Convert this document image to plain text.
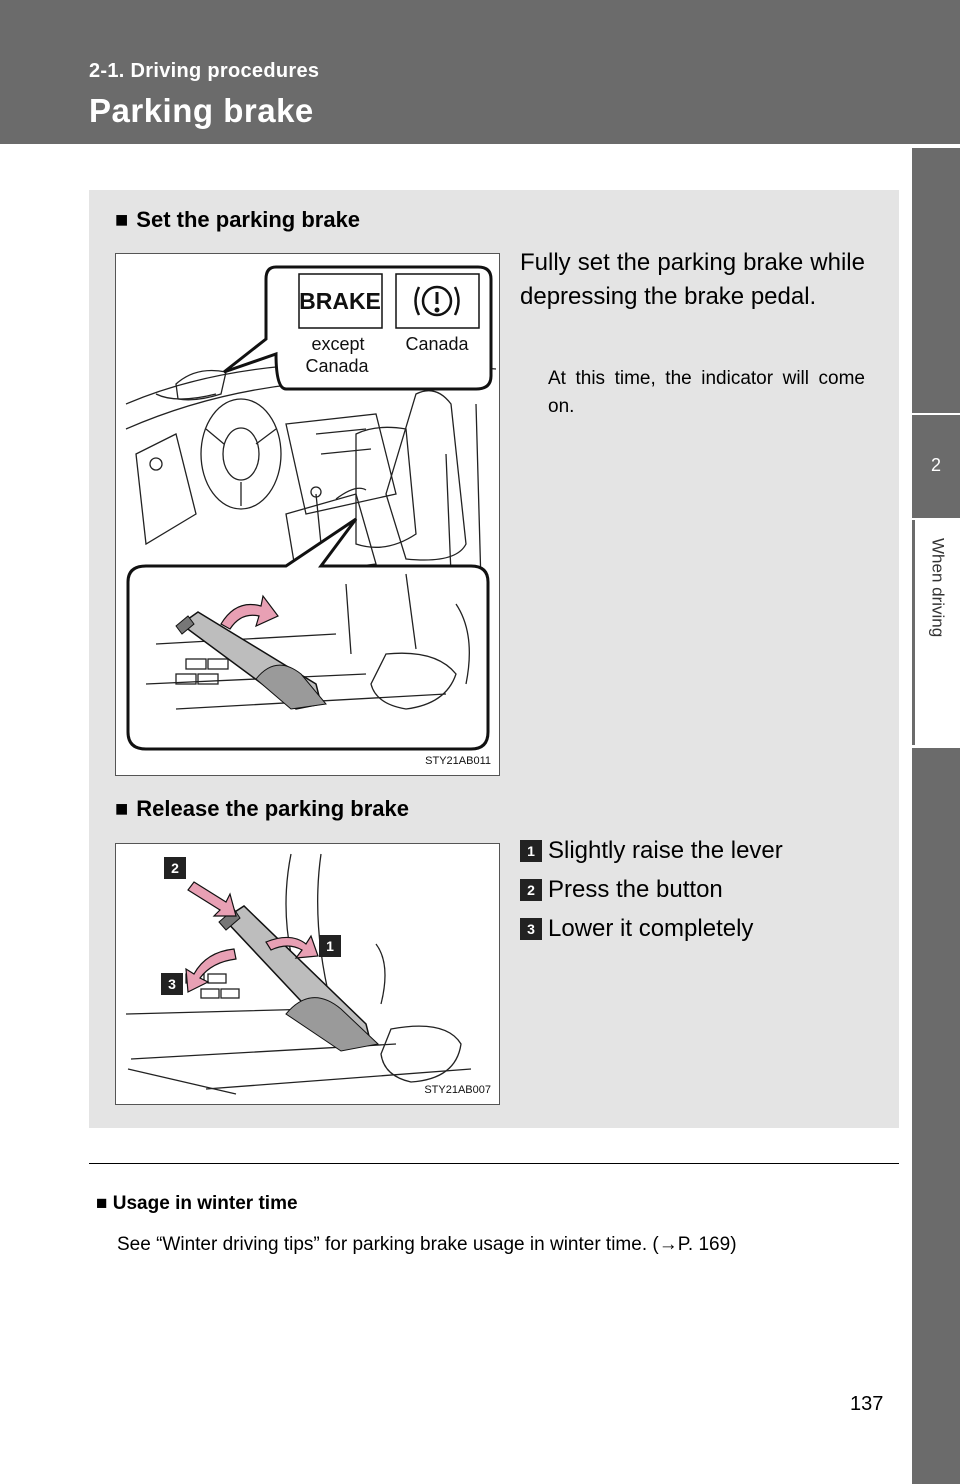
2-1. Driving procedures
Parking brake
2
When driving
■ Set the parking brake
BRAKE
except
Canada
Canada
STY21AB011
Fully set the parking brake while depressing the brake pedal.
At this time, the indicator will come on.
■ Release the parking brake
2
1
3
STY21AB007
1 Slightly raise the lever
2 Press the button
3 Lower it completely
■ Usage in winter time
See “Winter driving tips” for parking brake usage in winter time. (→P. 169)
137
